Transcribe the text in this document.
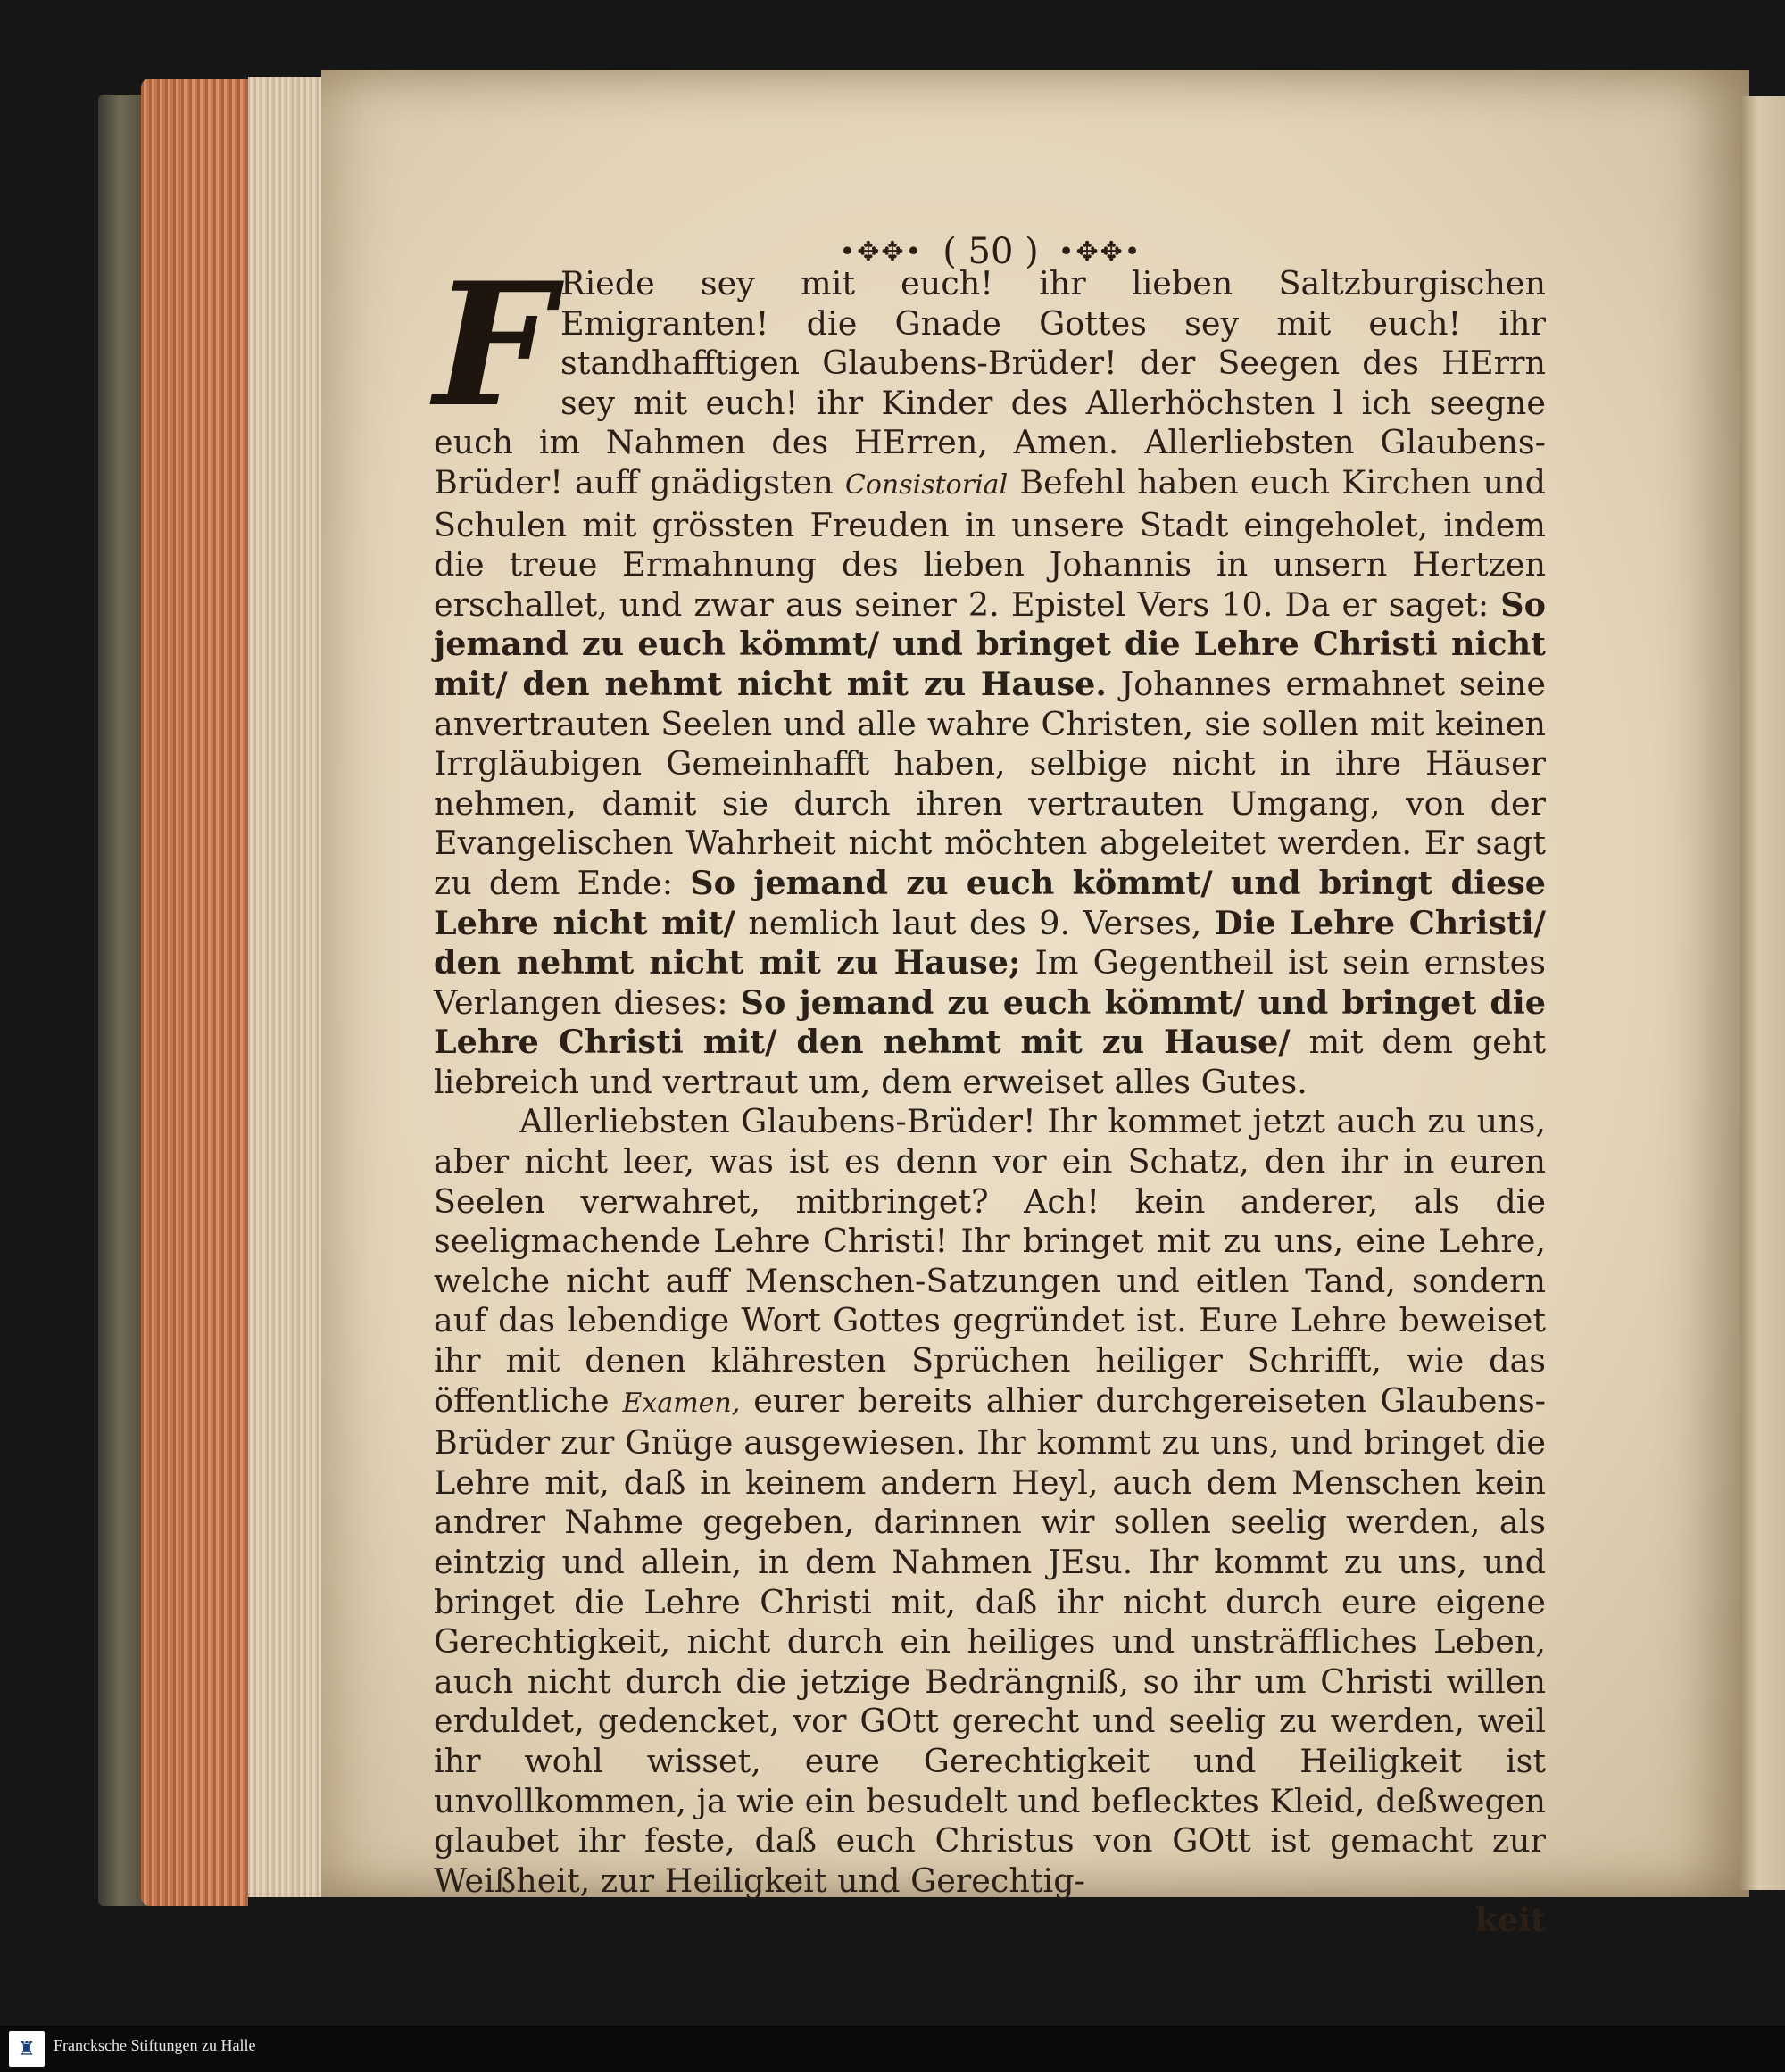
•✥✥• ( 50 ) •✥✥•

F Riede sey mit euch! ihr lieben Saltzburgischen Emigranten! die Gnade Gottes sey mit euch! ihr standhafftigen Glaubens-Brüder! der Seegen des HErrn sey mit euch! ihr Kinder des Allerhöchsten l ich seegne euch im Nahmen des HErren, Amen. Allerliebsten Glaubens-Brüder! auff gnädigsten Consistorial Befehl haben euch Kirchen und Schulen mit grössten Freuden in unsere Stadt eingeholet, indem die treue Ermahnung des lieben Johannis in unsern Hertzen erschallet, und zwar aus seiner 2. Epistel Vers 10. Da er saget: So jemand zu euch kömmt/ und bringet die Lehre Christi nicht mit/ den nehmt nicht mit zu Hause. Johannes ermahnet seine anvertrauten Seelen und alle wahre Christen, sie sollen mit keinen Irrgläubigen Gemeinhafft haben, selbige nicht in ihre Häuser nehmen, damit sie durch ihren vertrauten Umgang, von der Evangelischen Wahrheit nicht möchten abgeleitet werden. Er sagt zu dem Ende: So jemand zu euch kömmt/ und bringt diese Lehre nicht mit/ nemlich laut des 9. Verses, Die Lehre Christi/ den nehmt nicht mit zu Hause; Im Gegentheil ist sein ernstes Verlangen dieses: So jemand zu euch kömmt/ und bringet die Lehre Christi mit/ den nehmt mit zu Hause/ mit dem geht liebreich und vertraut um, dem erweiset alles Gutes.

Allerliebsten Glaubens-Brüder! Ihr kommet jetzt auch zu uns, aber nicht leer, was ist es denn vor ein Schatz, den ihr in euren Seelen verwahret, mitbringet? Ach! kein anderer, als die seeligmachende Lehre Christi! Ihr bringet mit zu uns, eine Lehre, welche nicht auff Menschen-Satzungen und eitlen Tand, sondern auf das lebendige Wort Gottes gegründet ist. Eure Lehre beweiset ihr mit denen klähresten Sprüchen heiliger Schrifft, wie das öffentliche Examen, eurer bereits alhier durchgereiseten Glaubens-Brüder zur Gnüge ausgewiesen. Ihr kommt zu uns, und bringet die Lehre mit, daß in keinem andern Heyl, auch dem Menschen kein andrer Nahme gegeben, darinnen wir sollen seelig werden, als eintzig und allein, in dem Nahmen JEsu. Ihr kommt zu uns, und bringet die Lehre Christi mit, daß ihr nicht durch eure eigene Gerechtigkeit, nicht durch ein heiliges und unsträffliches Leben, auch nicht durch die jetzige Bedrängniß, so ihr um Christi willen erduldet, gedencket, vor GOtt gerecht und seelig zu werden, weil ihr wohl wisset, eure Gerechtigkeit und Heiligkeit ist unvollkommen, ja wie ein besudelt und beflecktes Kleid, deßwegen glaubet ihr feste, daß euch Christus von GOtt ist gemacht zur Weißheit, zur Heiligkeit und Gerechtig-

keit
♜	Francksche Stiftungen zu Halle
